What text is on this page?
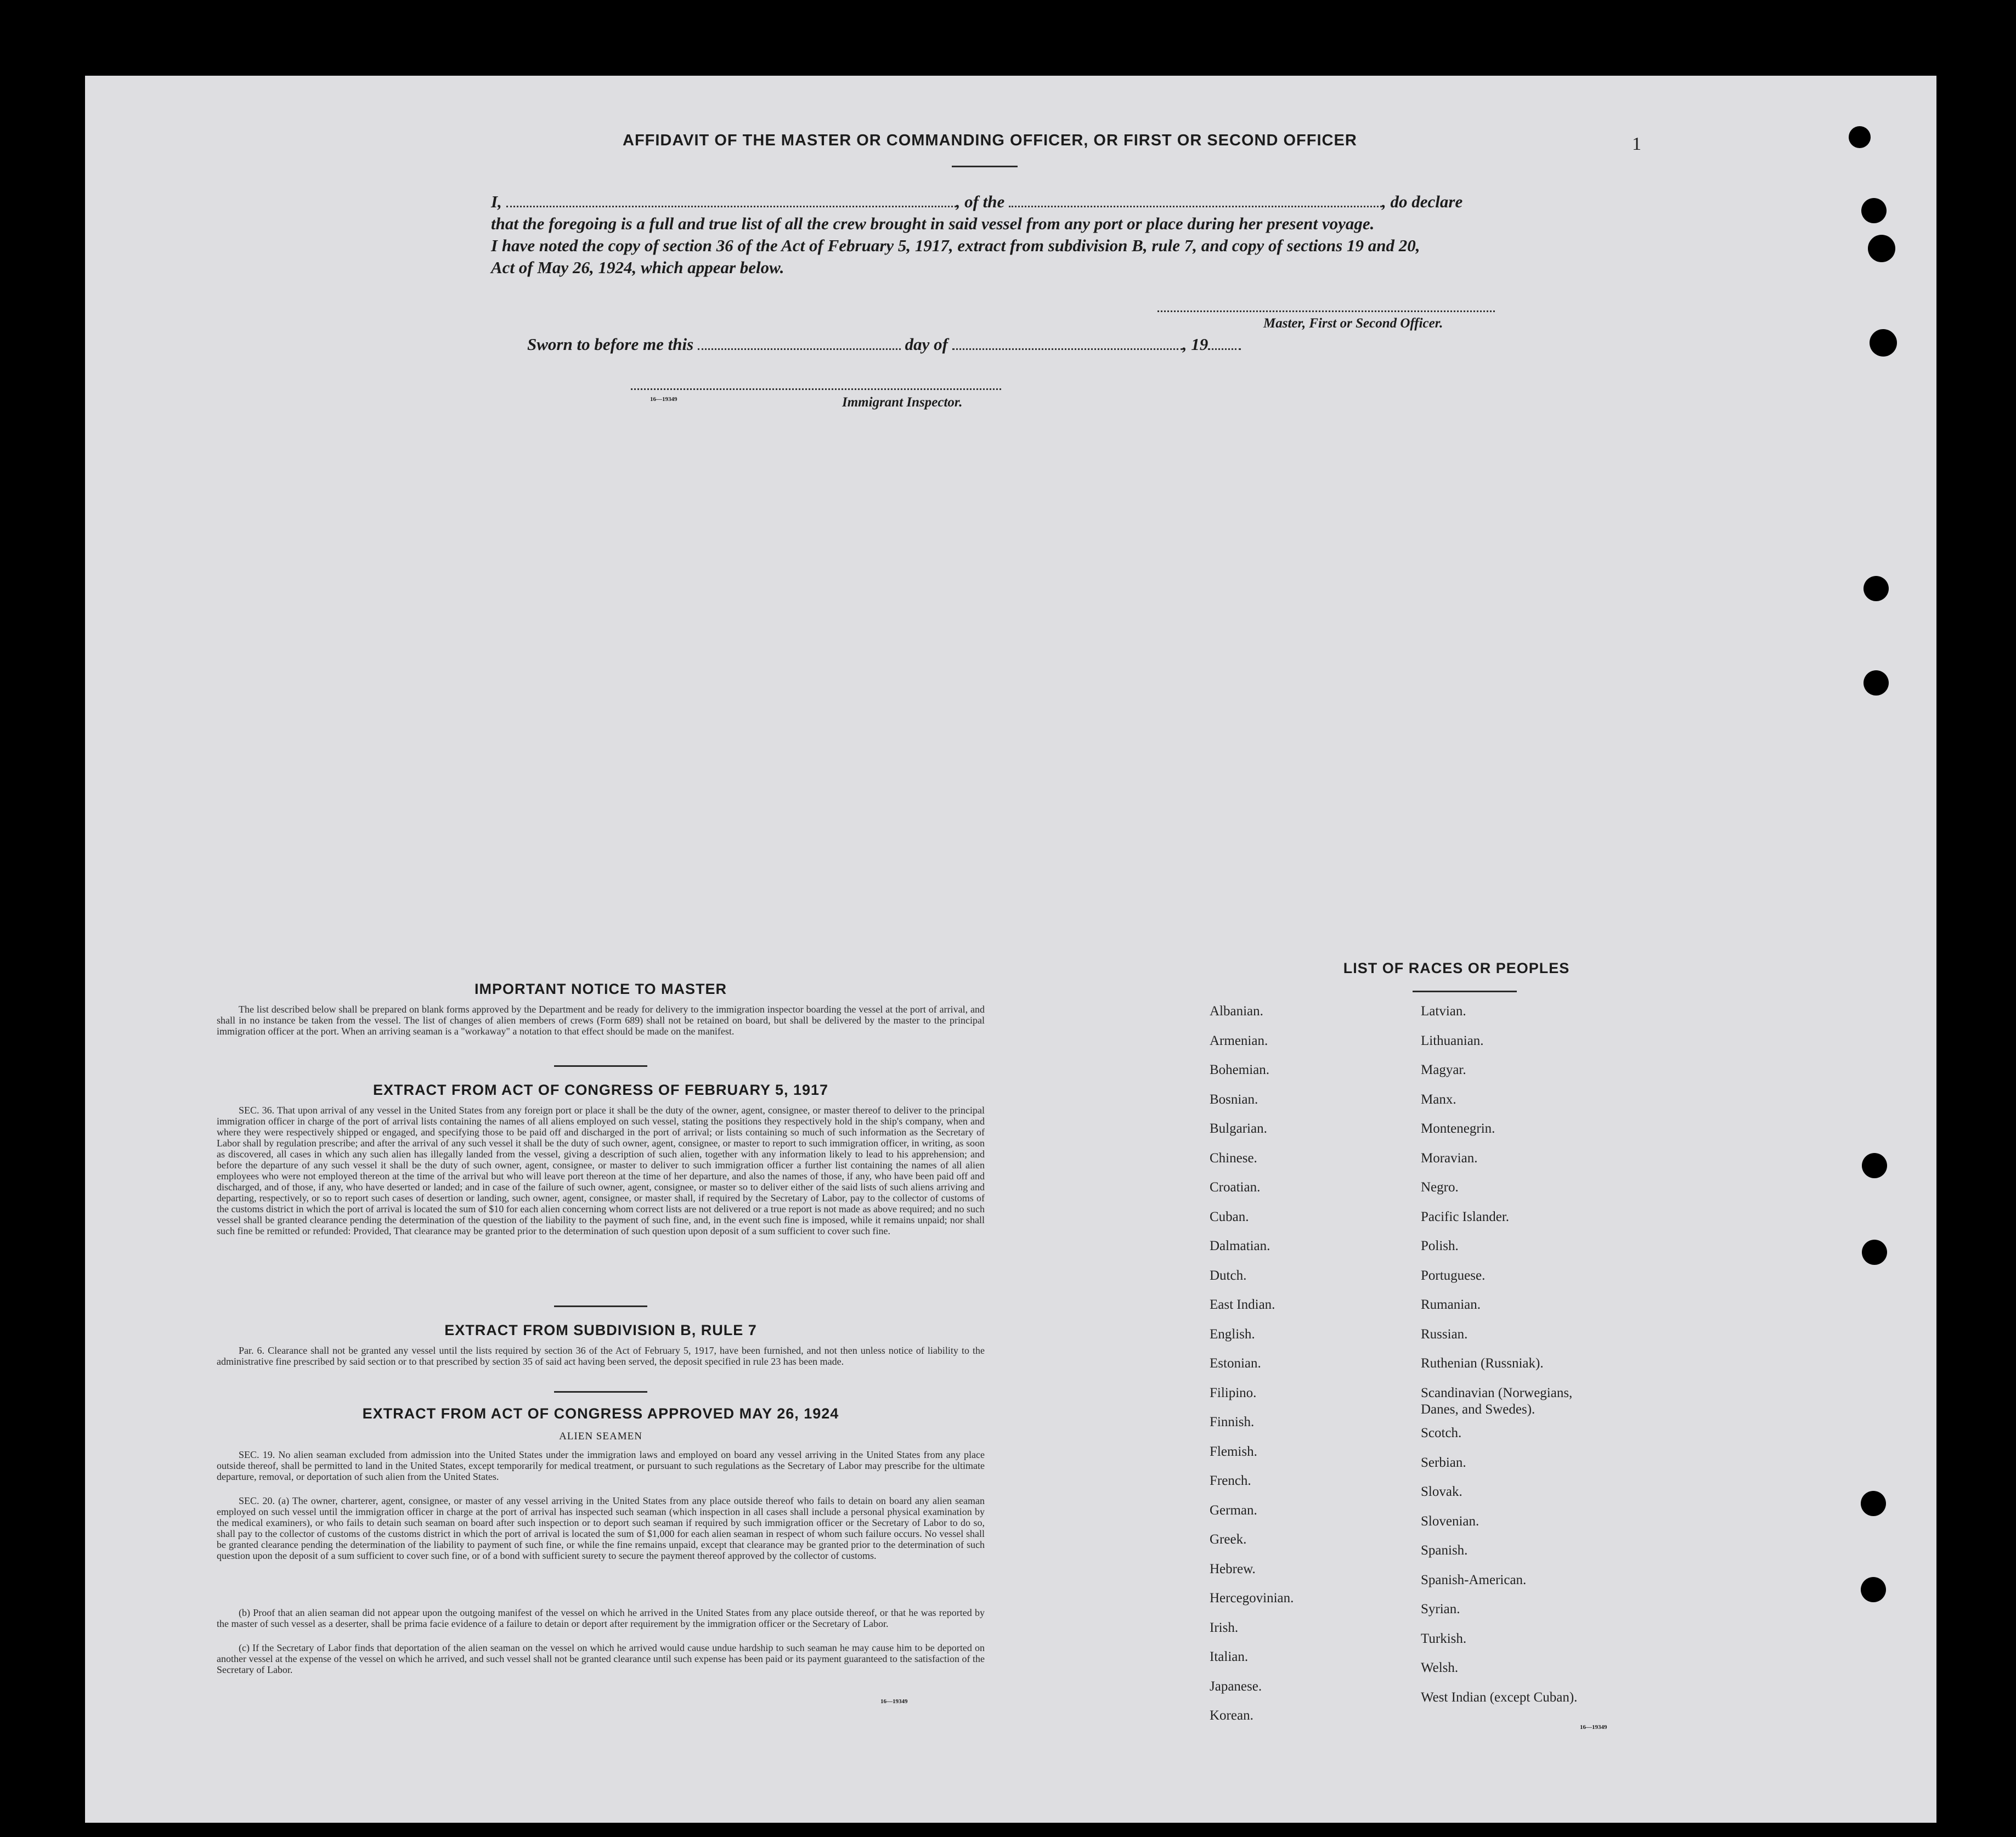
AFFIDAVIT OF THE MASTER OR COMMANDING OFFICER, OR FIRST OR SECOND OFFICER	1
I,	, of the	, do declare
that the foregoing is a full and true list of all the crew brought in said vessel from any port or place during her present voyage.
I have noted the copy of section 36 of the Act of February 5, 1917, extract from subdivision B, rule 7, and copy of sections 19 and 20,
Act of May 26, 1924, which appear below.
Master, First or Second Officer.
Sworn to before me this	day of	, 19
16—19349	Immigrant Inspector.
IMPORTANT NOTICE TO MASTER
The list described below shall be prepared on blank forms approved by the Department and be ready for delivery to the immigration inspector boarding the vessel at the port of arrival, and shall in no instance be taken from the vessel. The list of changes of alien members of crews (Form 689) shall not be retained on board, but shall be delivered by the master to the principal immigration officer at the port. When an arriving seaman is a "workaway" a notation to that effect should be made on the manifest.
EXTRACT FROM ACT OF CONGRESS OF FEBRUARY 5, 1917
SEC. 36. That upon arrival of any vessel in the United States from any foreign port or place it shall be the duty of the owner, agent, consignee, or master thereof to deliver to the principal immigration officer in charge of the port of arrival lists containing the names of all aliens employed on such vessel, stating the positions they respectively hold in the ship's company, when and where they were respectively shipped or engaged, and specifying those to be paid off and discharged in the port of arrival; or lists containing so much of such information as the Secretary of Labor shall by regulation prescribe; and after the arrival of any such vessel it shall be the duty of such owner, agent, consignee, or master to report to such immigration officer, in writing, as soon as discovered, all cases in which any such alien has illegally landed from the vessel, giving a description of such alien, together with any information likely to lead to his apprehension; and before the departure of any such vessel it shall be the duty of such owner, agent, consignee, or master to deliver to such immigration officer a further list containing the names of all alien employees who were not employed thereon at the time of the arrival but who will leave port thereon at the time of her departure, and also the names of those, if any, who have been paid off and discharged, and of those, if any, who have deserted or landed; and in case of the failure of such owner, agent, consignee, or master so to deliver either of the said lists of such aliens arriving and departing, respectively, or so to report such cases of desertion or landing, such owner, agent, consignee, or master shall, if required by the Secretary of Labor, pay to the collector of customs of the customs district in which the port of arrival is located the sum of $10 for each alien concerning whom correct lists are not delivered or a true report is not made as above required; and no such vessel shall be granted clearance pending the determination of the question of the liability to the payment of such fine, and, in the event such fine is imposed, while it remains unpaid; nor shall such fine be remitted or refunded: Provided, That clearance may be granted prior to the determination of such question upon deposit of a sum sufficient to cover such fine.
EXTRACT FROM SUBDIVISION B, RULE 7
Par. 6. Clearance shall not be granted any vessel until the lists required by section 36 of the Act of February 5, 1917, have been furnished, and not then unless notice of liability to the administrative fine prescribed by said section or to that prescribed by section 35 of said act having been served, the deposit specified in rule 23 has been made.
EXTRACT FROM ACT OF CONGRESS APPROVED MAY 26, 1924
ALIEN SEAMEN
SEC. 19. No alien seaman excluded from admission into the United States under the immigration laws and employed on board any vessel arriving in the United States from any place outside thereof, shall be permitted to land in the United States, except temporarily for medical treatment, or pursuant to such regulations as the Secretary of Labor may prescribe for the ultimate departure, removal, or deportation of such alien from the United States.
SEC. 20. (a) The owner, charterer, agent, consignee, or master of any vessel arriving in the United States from any place outside thereof who fails to detain on board any alien seaman employed on such vessel until the immigration officer in charge at the port of arrival has inspected such seaman (which inspection in all cases shall include a personal physical examination by the medical examiners), or who fails to detain such seaman on board after such inspection or to deport such seaman if required by such immigration officer or the Secretary of Labor to do so, shall pay to the collector of customs of the customs district in which the port of arrival is located the sum of $1,000 for each alien seaman in respect of whom such failure occurs. No vessel shall be granted clearance pending the determination of the liability to payment of such fine, or while the fine remains unpaid, except that clearance may be granted prior to the determination of such question upon the deposit of a sum sufficient to cover such fine, or of a bond with sufficient surety to secure the payment thereof approved by the collector of customs.
(b) Proof that an alien seaman did not appear upon the outgoing manifest of the vessel on which he arrived in the United States from any place outside thereof, or that he was reported by the master of such vessel as a deserter, shall be prima facie evidence of a failure to detain or deport after requirement by the immigration officer or the Secretary of Labor.
(c) If the Secretary of Labor finds that deportation of the alien seaman on the vessel on which he arrived would cause undue hardship to such seaman he may cause him to be deported on another vessel at the expense of the vessel on which he arrived, and such vessel shall not be granted clearance until such expense has been paid or its payment guaranteed to the satisfaction of the Secretary of Labor.
16—19349
LIST OF RACES OR PEOPLES
Albanian.
Armenian.
Bohemian.
Bosnian.
Bulgarian.
Chinese.
Croatian.
Cuban.
Dalmatian.
Dutch.
East Indian.
English.
Estonian.
Filipino.
Finnish.
Flemish.
French.
German.
Greek.
Hebrew.
Hercegovinian.
Irish.
Italian.
Japanese.
Korean.
Latvian.
Lithuanian.
Magyar.
Manx.
Montenegrin.
Moravian.
Negro.
Pacific Islander.
Polish.
Portuguese.
Rumanian.
Russian.
Ruthenian (Russniak).
Scandinavian (Norwegians,
Danes, and Swedes).
Scotch.
Serbian.
Slovak.
Slovenian.
Spanish.
Spanish-American.
Syrian.
Turkish.
Welsh.
West Indian (except Cuban).
16—19349
